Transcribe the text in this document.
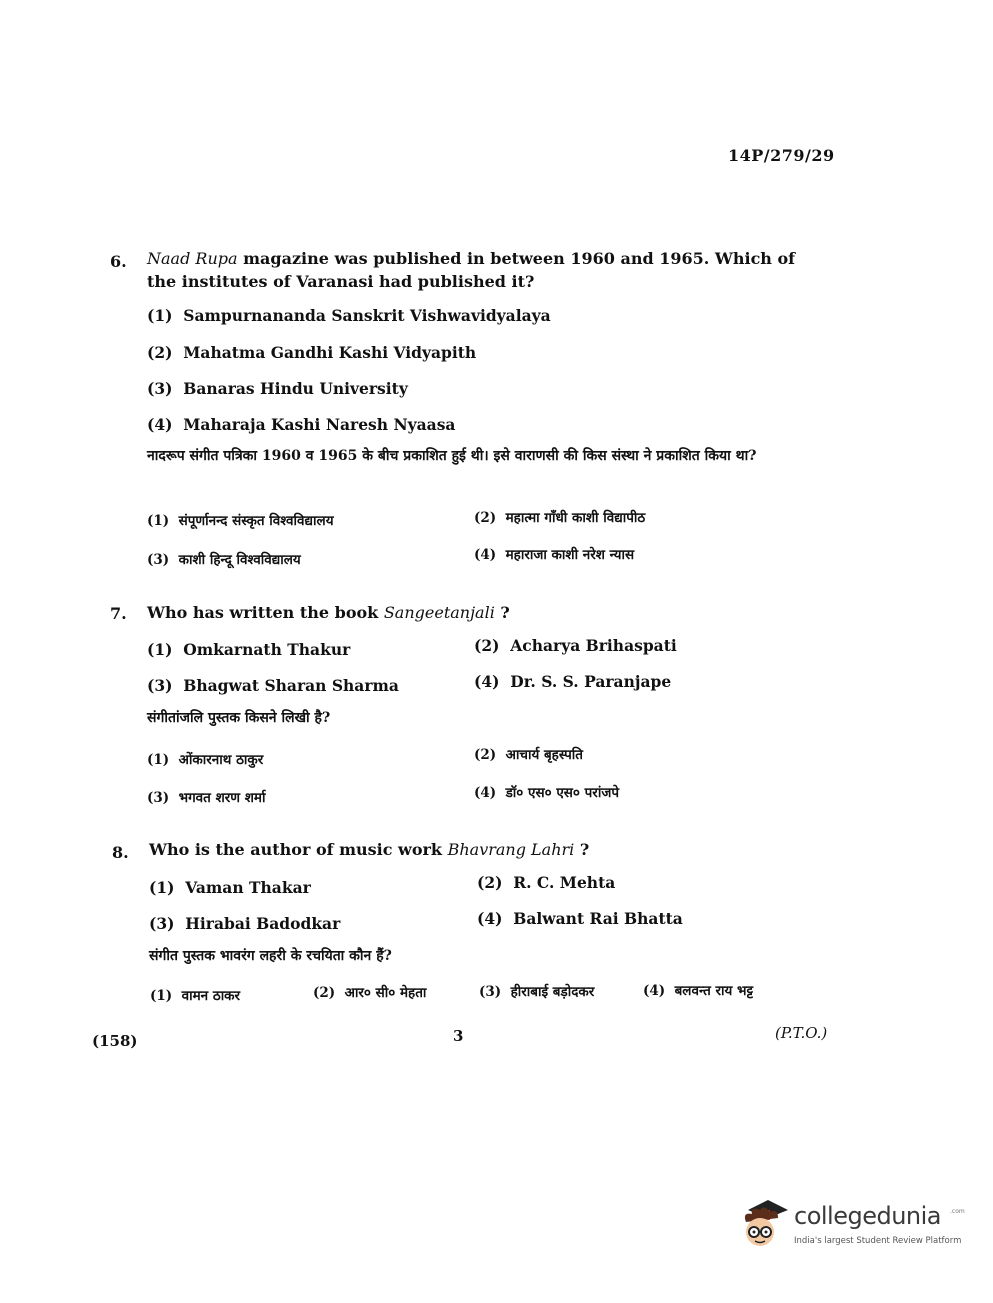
14P/279/29
6. Naad Rupa magazine was published in between 1960 and 1965. Which of the institutes of Varanasi had published it?
(1) Sampurnananda Sanskrit Vishwavidyalaya
(2) Mahatma Gandhi Kashi Vidyapith
(3) Banaras Hindu University
(4) Maharaja Kashi Naresh Nyaasa
नादरूप संगीत पत्रिका 1960 व 1965 के बीच प्रकाशित हुई थी। इसे वाराणसी की किस संस्था ने प्रकाशित किया था?
(1) संपूर्णानन्द संस्कृत विश्वविद्यालय	(2) महात्मा गाँधी काशी विद्यापीठ
(3) काशी हिन्दू विश्वविद्यालय	(4) महाराजा काशी नरेश न्यास
7. Who has written the book Sangeetanjali ?
(1) Omkarnath Thakur	(2) Acharya Brihaspati
(3) Bhagwat Sharan Sharma	(4) Dr. S. S. Paranjape
संगीतांजलि पुस्तक किसने लिखी है?
(1) ओंकारनाथ ठाकुर	(2) आचार्य बृहस्पति
(3) भगवत शरण शर्मा	(4) डॉ० एस० एस० परांजपे
8. Who is the author of music work Bhavrang Lahri ?
(1) Vaman Thakar	(2) R. C. Mehta
(3) Hirabai Badodkar	(4) Balwant Rai Bhatta
संगीत पुस्तक भावरंग लहरी के रचयिता कौन हैं?
(1) वामन ठाकर	(2) आर० सी० मेहता	(3) हीराबाई बड़ोदकर	(4) बलवन्त राय भट्ट
(158)	3	(P.T.O.)
collegedunia .com
India's largest Student Review Platform
